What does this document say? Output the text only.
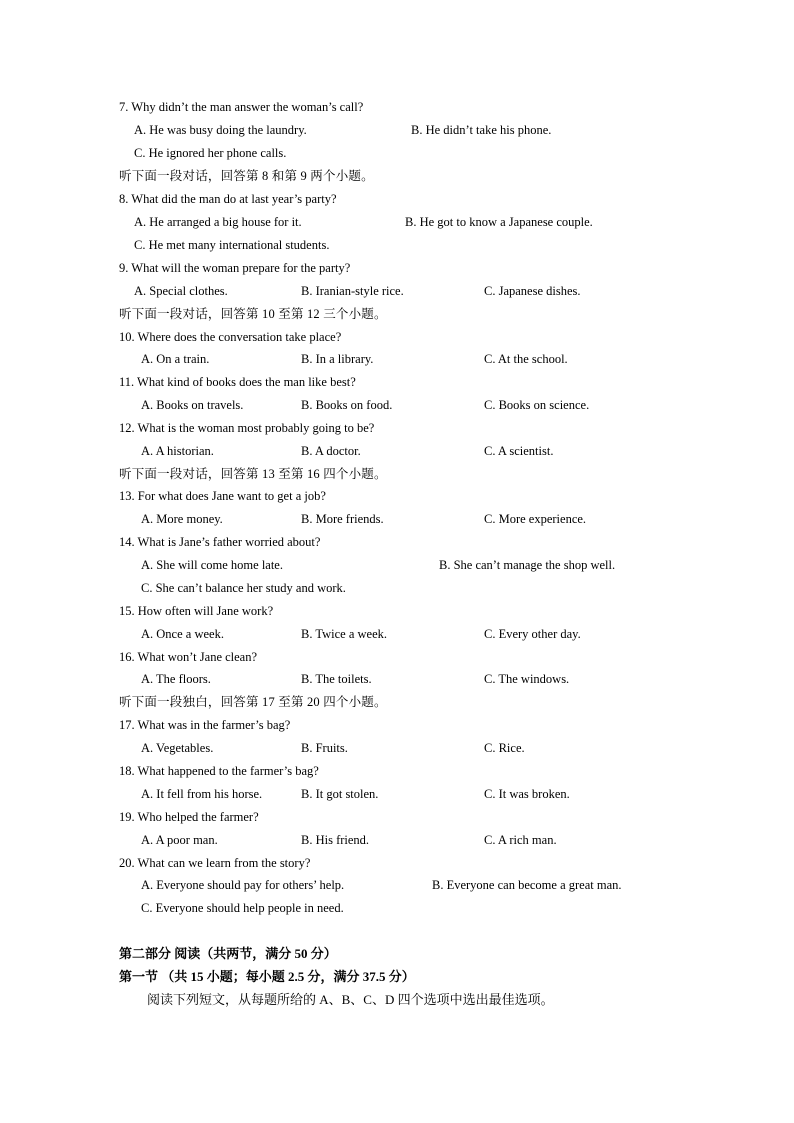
7. Why didn’t the man answer the woman’s call?
A. He was busy doing the laundry.	B. He didn’t take his phone.
C. He ignored her phone calls.
听下面一段对话，回答第 8 和第 9 两个小题。
8. What did the man do at last year’s party?
A. He arranged a big house for it.	B. He got to know a Japanese couple.
C. He met many international students.
9. What will the woman prepare for the party?
A. Special clothes.	B. Iranian-style rice.	C. Japanese dishes.
听下面一段对话，回答第 10 至第 12 三个小题。
10. Where does the conversation take place?
A. On a train.	B. In a library.	C. At the school.
11. What kind of books does the man like best?
A. Books on travels.	B. Books on food.	C. Books on science.
12. What is the woman most probably going to be?
A. A historian.	B. A doctor.	C. A scientist.
听下面一段对话，回答第 13 至第 16 四个小题。
13. For what does Jane want to get a job?
A. More money.	B. More friends.	C. More experience.
14. What is Jane’s father worried about?
A. She will come home late.	B. She can’t manage the shop well.
C. She can’t balance her study and work.
15. How often will Jane work?
A. Once a week.	B. Twice a week.	C. Every other day.
16. What won’t Jane clean?
A. The floors.	B. The toilets.	C. The windows.
听下面一段独白，回答第 17 至第 20 四个小题。
17. What was in the farmer’s bag?
A. Vegetables.	B. Fruits.	C. Rice.
18. What happened to the farmer’s bag?
A. It fell from his horse.	B. It got stolen.	C. It was broken.
19. Who helped the farmer?
A. A poor man.	B. His friend.	C. A rich man.
20. What can we learn from the story?
A. Everyone should pay for others’ help.	B. Everyone can become a great man.
C. Everyone should help people in need.
第二部分 阅读（共两节，满分 50 分）
第一节 （共 15 小题；每小题 2.5 分，满分 37.5 分）
阅读下列短文，从每题所给的 A、B、C、D 四个选项中选出最佳选项。
